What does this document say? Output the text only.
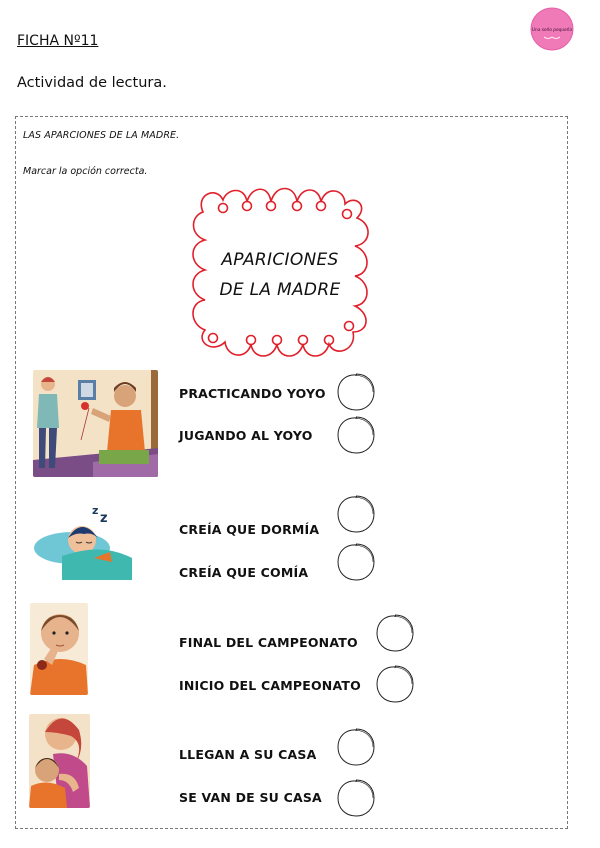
FICHA Nº11
Actividad de lectura.
Una seño pequeña
LAS APARCIONES DE LA MADRE.
Marcar la opción correcta.
APARICIONES
DE LA MADRE
PRACTICANDO YOYO
JUGANDO AL YOYO
z
z
CREÍA QUE DORMÍA
CREÍA QUE COMÍA
FINAL DEL CAMPEONATO
INICIO DEL CAMPEONATO
LLEGAN A SU CASA
SE VAN DE SU CASA
